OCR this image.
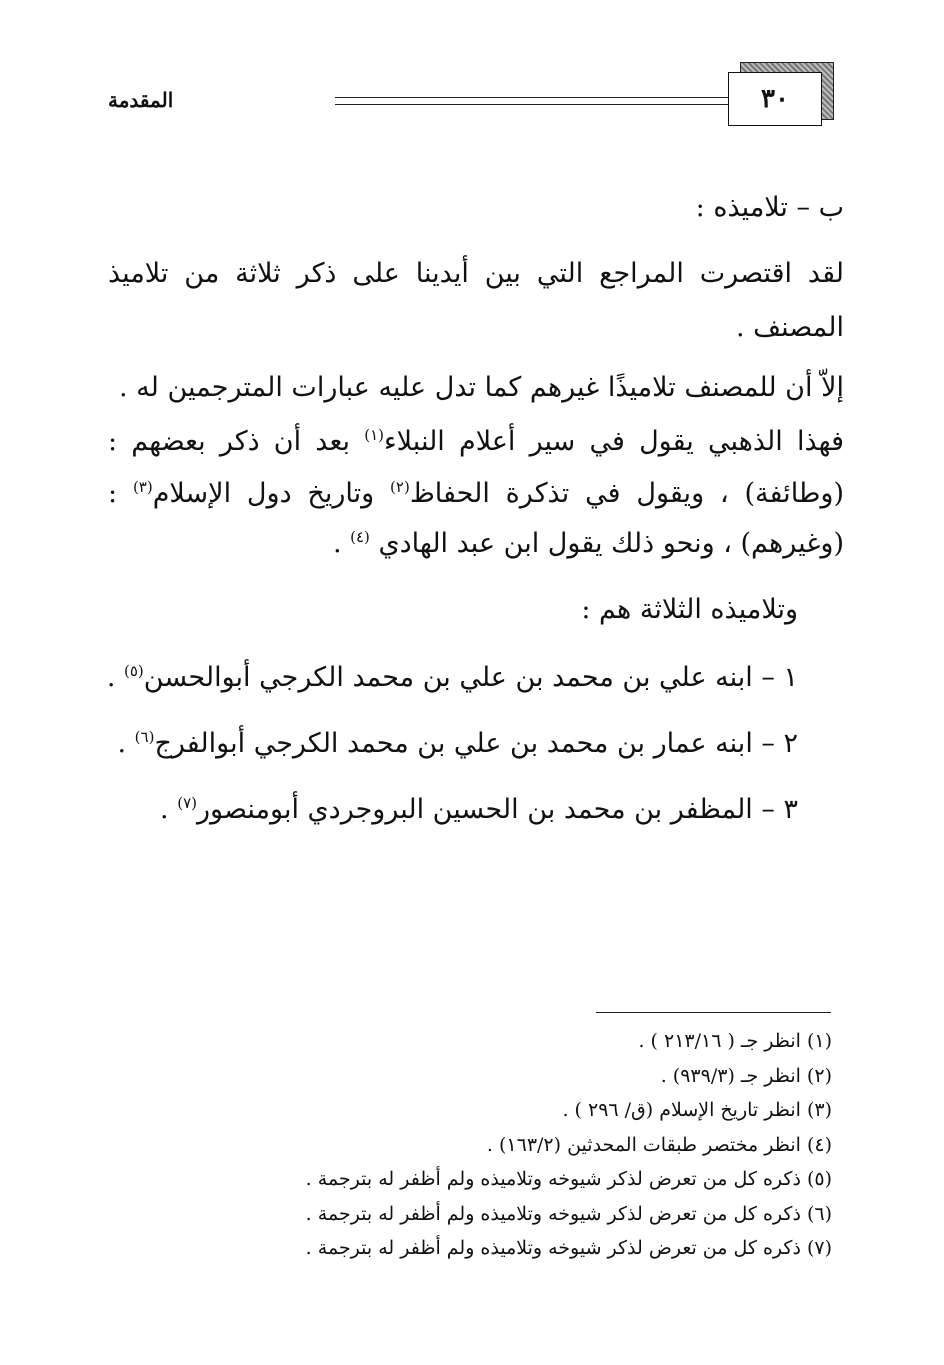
المقدمة	٣٠
ب – تلاميذه :
لقد اقتصرت المراجع التي بين أيدينا على ذكر ثلاثة من تلاميذ
المصنف .
إلاّ أن للمصنف تلاميذًا غيرهم كما تدل عليه عبارات المترجمين له .
فهذا الذهبي يقول في سير أعلام النبلاء$^{(١)}$ بعد أن ذكر بعضهم :
(وطائفة) ، ويقول في تذكرة الحفاظ$^{(٢)}$ وتاريخ دول الإسلام$^{(٣)}$ :
(وغيرهم) ، ونحو ذلك يقول ابن عبد الهادي $^{(٤)}$ .
وتلاميذه الثلاثة هم :
١ – ابنه علي بن محمد بن علي بن محمد الكرجي أبوالحسن$^{(٥)}$ .
٢ – ابنه عمار بن محمد بن علي بن محمد الكرجي أبوالفرج$^{(٦)}$ .
٣ – المظفر بن محمد بن الحسين البروجردي أبومنصور$^{(٧)}$ .
(١) انظر جـ ( ٢١٣/١٦ ) .
(٢) انظر جـ (٩٣٩/٣) .
(٣) انظر تاريخ الإسلام (ق/ ٢٩٦ ) .
(٤) انظر مختصر طبقات المحدثين (١٦٣/٢) .
(٥) ذكره كل من تعرض لذكر شيوخه وتلاميذه ولم أظفر له بترجمة .
(٦) ذكره كل من تعرض لذكر شيوخه وتلاميذه ولم أظفر له بترجمة .
(٧) ذكره كل من تعرض لذكر شيوخه وتلاميذه ولم أظفر له بترجمة .
